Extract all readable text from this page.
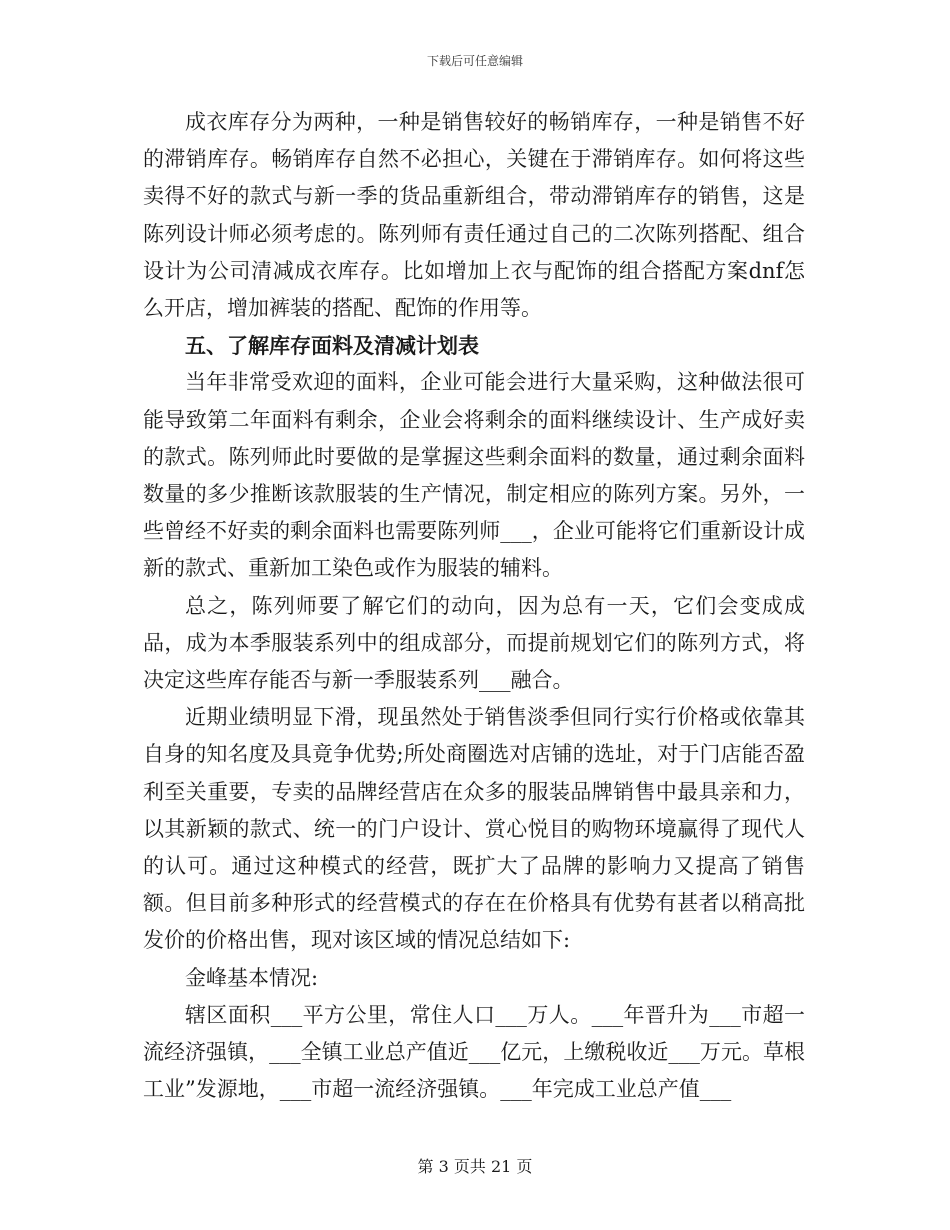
下载后可任意编辑

成衣库存分为两种，一种是销售较好的畅销库存，一种是销售不好的滞销库存。畅销库存自然不必担心，关键在于滞销库存。如何将这些卖得不好的款式与新一季的货品重新组合，带动滞销库存的销售，这是陈列设计师必须考虑的。陈列师有责任通过自己的二次陈列搭配、组合设计为公司清减成衣库存。比如增加上衣与配饰的组合搭配方案dnf怎么开店，增加裤装的搭配、配饰的作用等。

五、了解库存面料及清减计划表

当年非常受欢迎的面料，企业可能会进行大量采购，这种做法很可能导致第二年面料有剩余，企业会将剩余的面料继续设计、生产成好卖的款式。陈列师此时要做的是掌握这些剩余面料的数量，通过剩余面料数量的多少推断该款服装的生产情况，制定相应的陈列方案。另外，一些曾经不好卖的剩余面料也需要陈列师___，企业可能将它们重新设计成新的款式、重新加工染色或作为服装的辅料。

总之，陈列师要了解它们的动向，因为总有一天，它们会变成成品，成为本季服装系列中的组成部分，而提前规划它们的陈列方式，将决定这些库存能否与新一季服装系列___融合。

近期业绩明显下滑，现虽然处于销售淡季但同行实行价格或依靠其自身的知名度及具竟争优势;所处商圈选对店铺的选址，对于门店能否盈利至关重要，专卖的品牌经营店在众多的服装品牌销售中最具亲和力，以其新颖的款式、统一的门户设计、赏心悦目的购物环境赢得了现代人的认可。通过这种模式的经营，既扩大了品牌的影响力又提高了销售额。但目前多种形式的经营模式的存在在价格具有优势有甚者以稍高批发价的价格出售，现对该区域的情况总结如下:

金峰基本情况:

辖区面积___平方公里，常住人口___万人。___年晋升为___市超一流经济强镇，___全镇工业总产值近___亿元，上缴税收近___万元。草根工业”发源地，___市超一流经济强镇。___年完成工业总产值___

第 3 页共 21 页
